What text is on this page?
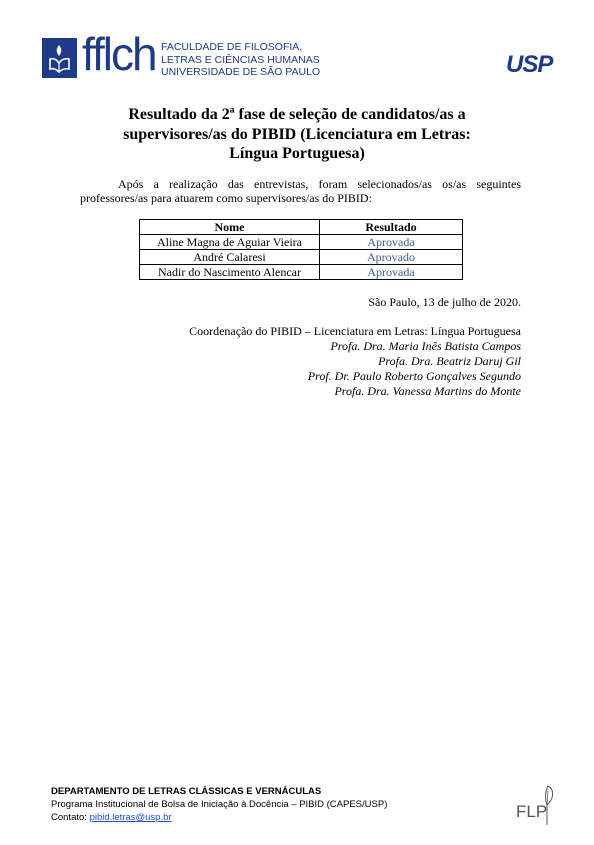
fflch FACULDADE DE FILOSOFIA,
LETRAS E CIÊNCIAS HUMANAS
UNIVERSIDADE DE SÃO PAULO	USP
Resultado da 2ª fase de seleção de candidatos/as a supervisores/as do PIBID (Licenciatura em Letras: Língua Portuguesa)
Após a realização das entrevistas, foram selecionados/as os/as seguintes
professores/as para atuarem como supervisores/as do PIBID:
Nome	Resultado
Aline Magna de Aguiar Vieira	Aprovada
André Calaresi	Aprovado
Nadir do Nascimento Alencar	Aprovada
São Paulo, 13 de julho de 2020.
Coordenação do PIBID – Licenciatura em Letras: Língua Portuguesa
Profa. Dra. Maria Inês Batista Campos
Profa. Dra. Beatriz Daruj Gil
Prof. Dr. Paulo Roberto Gonçalves Segundo
Profa. Dra. Vanessa Martins do Monte
DEPARTAMENTO DE LETRAS CLÁSSICAS E VERNÁCULAS
Programa Institucional de Bolsa de Iniciação à Docência – PIBID (CAPES/USP)
Contato: pibid.letras@usp.br	FLP
